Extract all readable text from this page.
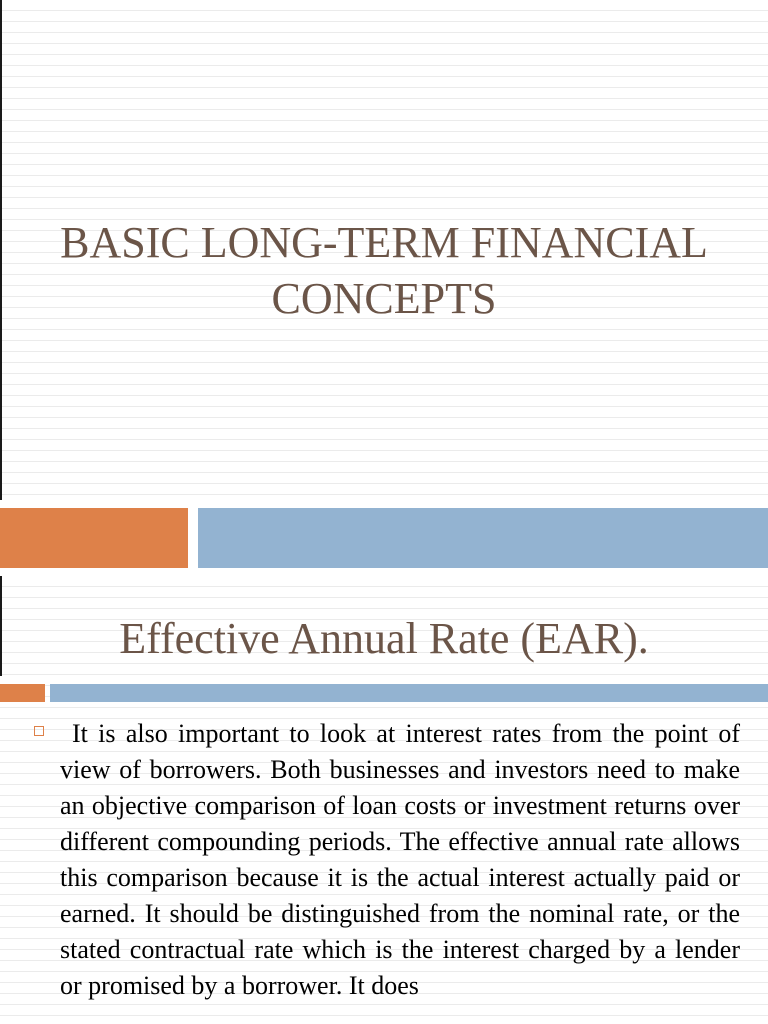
BASIC LONG-TERM FINANCIAL
CONCEPTS
Effective Annual Rate (EAR).

It is also important to look at interest rates from the point of view of borrowers. Both businesses and investors need to make an objective comparison of loan costs or investment returns over different compounding periods. The effective annual rate allows this comparison because it is the actual interest actually paid or earned. It should be distinguished from the nominal rate, or the stated contractual rate which is the interest charged by a lender or promised by a borrower. It does
